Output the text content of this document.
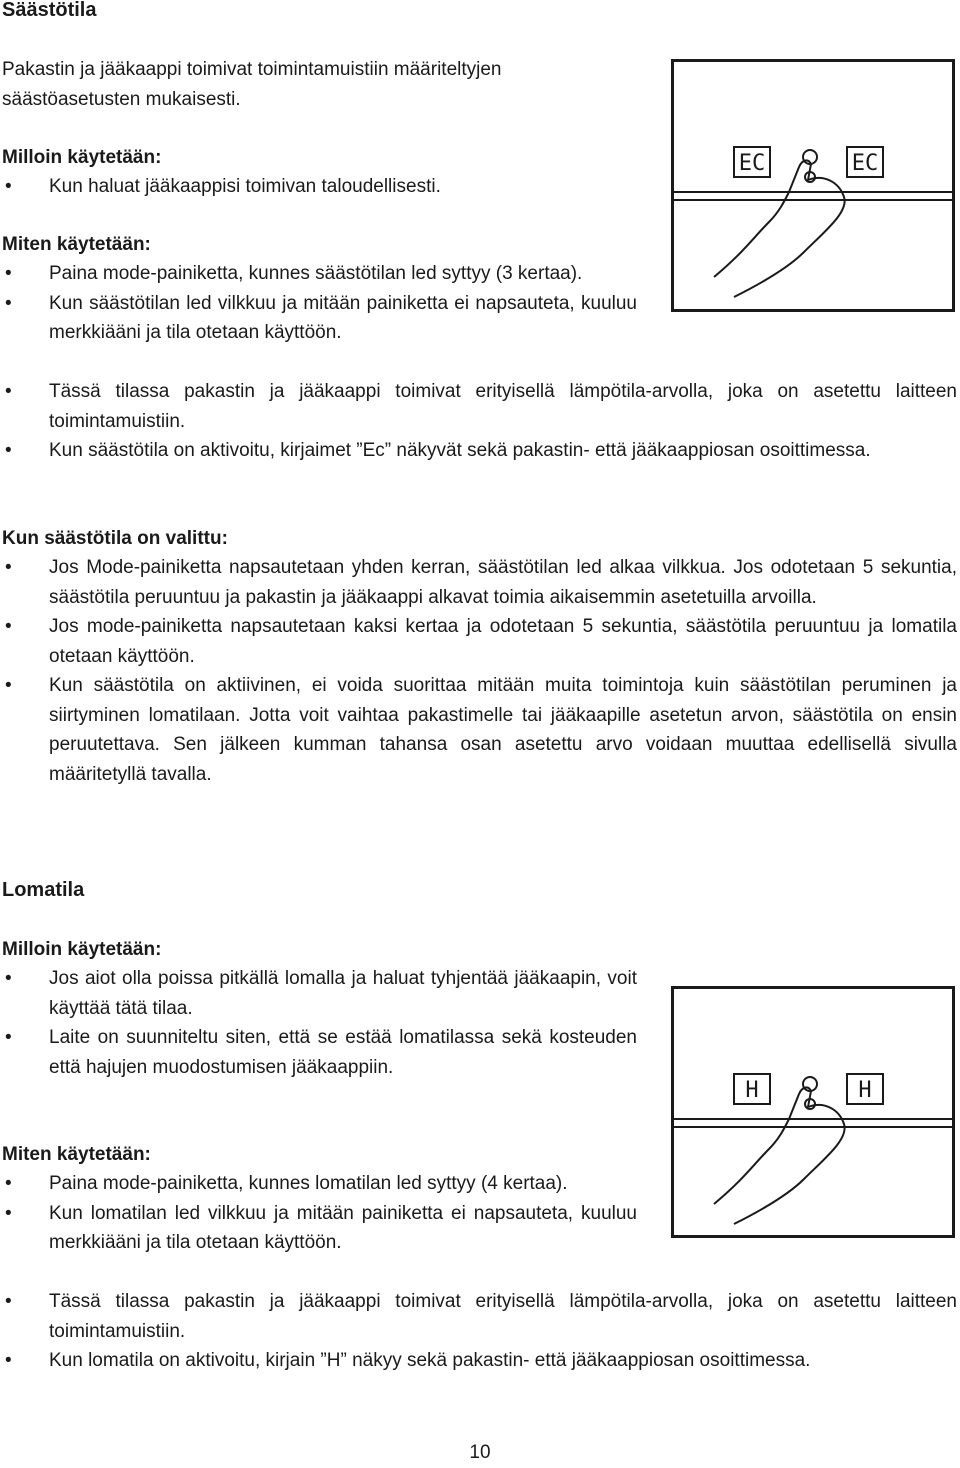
Säästötila
Pakastin ja jääkaappi toimivat toimintamuistiin määriteltyjen säästöasetusten mukaisesti.
Milloin käytetään:
• Kun haluat jääkaappisi toimivan taloudellisesti.
Miten käytetään:
• Paina mode-painiketta, kunnes säästötilan led syttyy (3 kertaa).
• Kun säästötilan led vilkkuu ja mitään painiketta ei napsauteta, kuuluu merkkiääni ja tila otetaan käyttöön.
• Tässä tilassa pakastin ja jääkaappi toimivat erityisellä lämpötila-arvolla, joka on asetettu laitteen toimintamuistiin.
• Kun säästötila on aktivoitu, kirjaimet ”Ec” näkyvät sekä pakastin- että jääkaappiosan osoittimessa.
Kun säästötila on valittu:
• Jos Mode-painiketta napsautetaan yhden kerran, säästötilan led alkaa vilkkua. Jos odotetaan 5 sekuntia, säästötila peruuntuu ja pakastin ja jääkaappi alkavat toimia aikaisemmin asetetuilla arvoilla.
• Jos mode-painiketta napsautetaan kaksi kertaa ja odotetaan 5 sekuntia, säästötila peruuntuu ja lomatila otetaan käyttöön.
• Kun säästötila on aktiivinen, ei voida suorittaa mitään muita toimintoja kuin säästötilan peruminen ja siirtyminen lomatilaan. Jotta voit vaihtaa pakastimelle tai jääkaapille asetetun arvon, säästötila on ensin peruutettava. Sen jälkeen kumman tahansa osan asetettu arvo voidaan muuttaa edellisellä sivulla määritetyllä tavalla.
EC	EC
Lomatila
Milloin käytetään:
• Jos aiot olla poissa pitkällä lomalla ja haluat tyhjentää jääkaapin, voit käyttää tätä tilaa.
• Laite on suunniteltu siten, että se estää lomatilassa sekä kosteuden että hajujen muodostumisen jääkaappiin.
Miten käytetään:
• Paina mode-painiketta, kunnes lomatilan led syttyy (4 kertaa).
• Kun lomatilan led vilkkuu ja mitään painiketta ei napsauteta, kuuluu merkkiääni ja tila otetaan käyttöön.
• Tässä tilassa pakastin ja jääkaappi toimivat erityisellä lämpötila-arvolla, joka on asetettu laitteen toimintamuistiin.
• Kun lomatila on aktivoitu, kirjain ”H” näkyy sekä pakastin- että jääkaappiosan osoittimessa.
H	H
10
